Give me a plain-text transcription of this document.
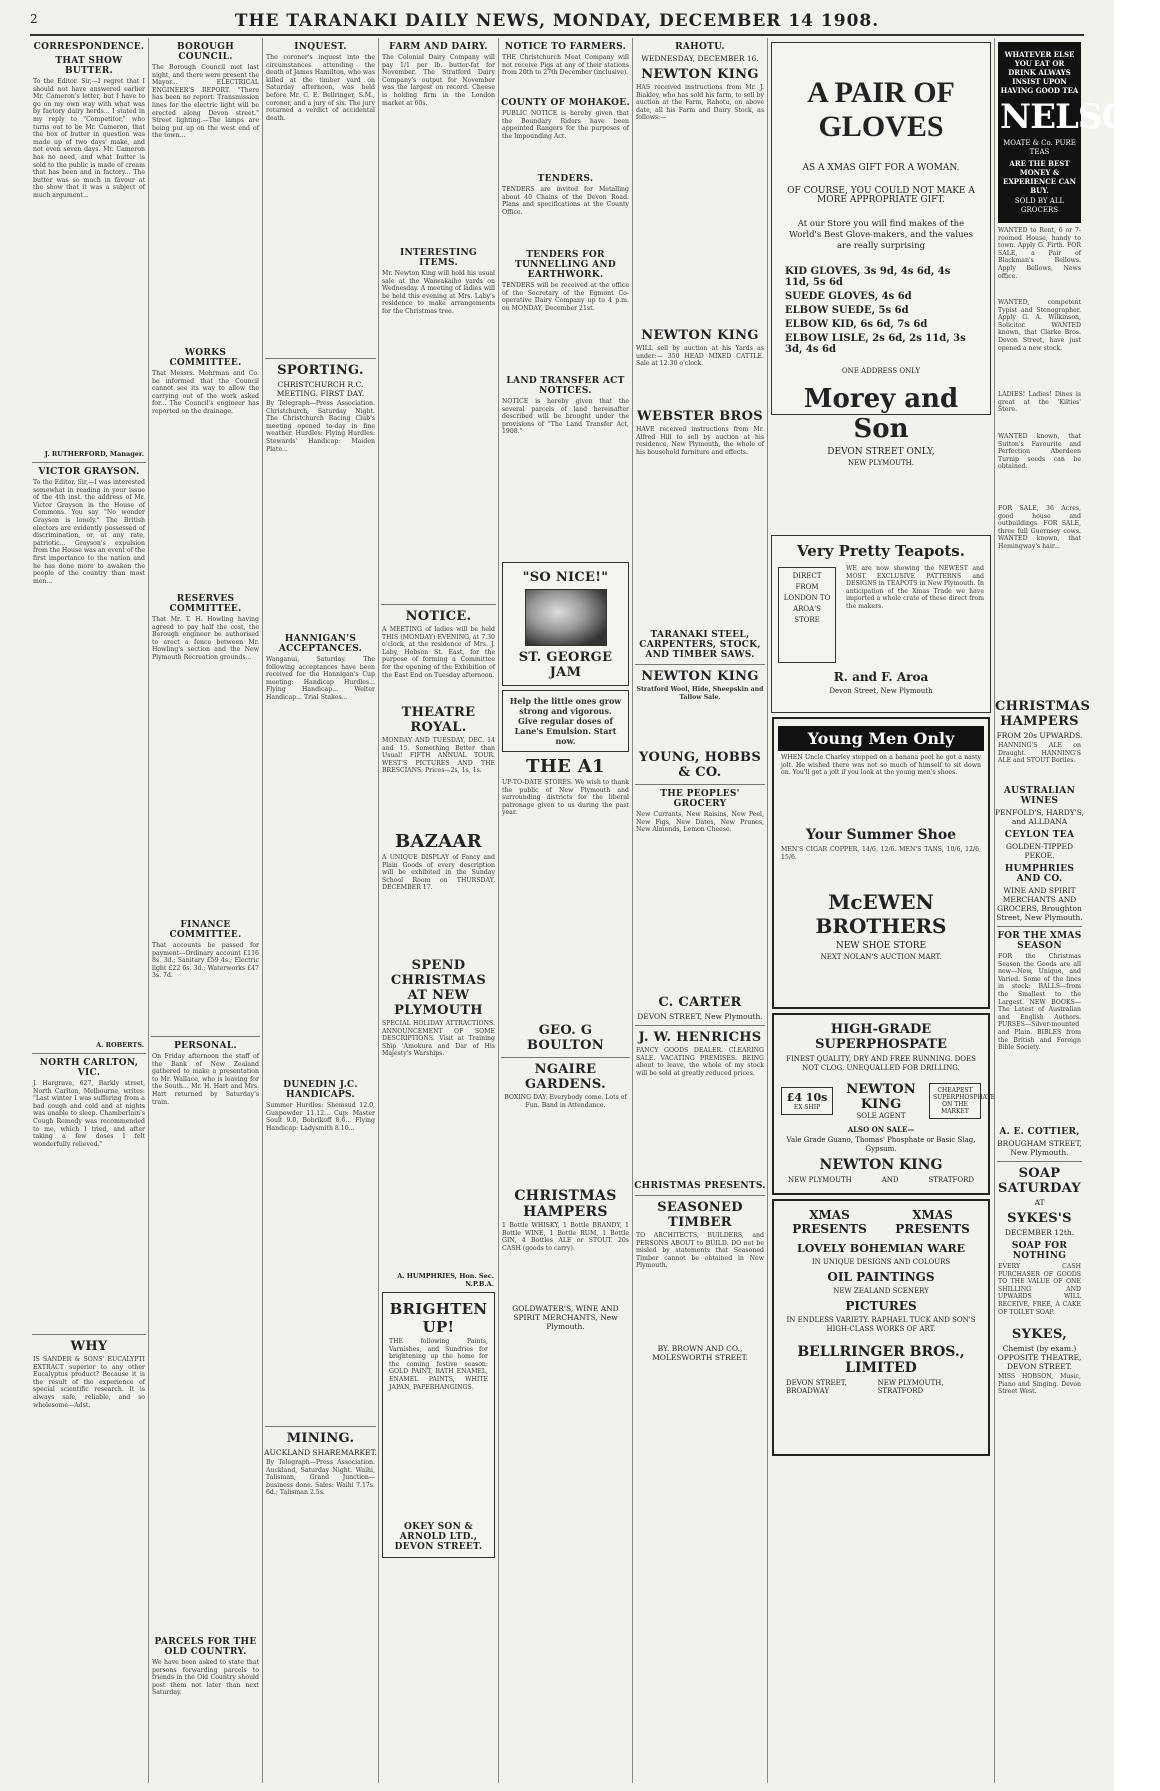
2	THE TARANAKI DAILY NEWS, MONDAY, DECEMBER 14 1908.
CORRESPONDENCE.
THAT SHOW BUTTER.
To the Editor. Sir,—I regret that I should not have answered earlier Mr. Cameron's letter, but I have to go on my own way with what was by factory dairy herds... I stated in my reply to "Competitor," who turns out to be Mr. Cameron, that the box of butter in question was made up of two days' make, and not even seven days. Mr. Cameron has no need, and what butter is sold to the public is made of cream that has been and in factory... The butter was so much in favour at the show that it was a subject of much argument...
J. RUTHERFORD, Manager.
VICTOR GRAYSON.
To the Editor. Sir,—I was interested somewhat in reading in your issue of the 4th inst. the address of Mr. Victor Grayson in the House of Commons. You say "No wonder Grayson is lonely." The British electors are evidently possessed of discrimination, or, at any rate, patriotic... Grayson's expulsion from the House was an event of the first importance to the nation and he has done more to awaken the people of the country than most men...
A. ROBERTS.
NORTH CARLTON, VIC.
J. Hargrave, 627, Barkly street, North Carlton, Melbourne, writes: "Last winter I was suffering from a bad cough and cold and at nights was unable to sleep. Chamberlain's Cough Remedy was recommended to me, which I tried, and after taking a few doses I felt wonderfully relieved."
WHY
IS SANDER & SONS' EUCALYPTI EXTRACT superior to any other Eucalyptus product? Because it is the result of the experience of special scientific research. It is always safe, reliable, and so wholesome—Adst.
BOROUGH COUNCIL.
The Borough Council met last night, and there were present the Mayor... ELECTRICAL ENGINEER'S REPORT. "There has been no report. Transmission lines for the electric light will be erected along Devon street." Street lighting.—The lamps are being put up on the west end of the town...
WORKS COMMITTEE.
That Messrs. Mohrman and Co. be informed that the Council cannot see its way to allow the carrying out of the work asked for... The Council's engineer has reported on the drainage.
RESERVES COMMITTEE.
That Mr. T. H. Howling having agreed to pay half the cost, the Borough engineer be authorised to erect a fence between Mr. Howling's section and the New Plymouth Recreation grounds...
FINANCE COMMITTEE.
That accounts be passed for payment—Ordinary account £116 8s. 3d.; Sanitary £59 4s.; Electric light £22 6s. 3d.; Waterworks £47 3s. 7d.
PERSONAL.
On Friday afternoon the staff of the Bank of New Zealand gathered to make a presentation to Mr. Wallace, who is leaving for the South... Mr. H. Hart and Mrs. Hart returned by Saturday's train.
PARCELS FOR THE OLD COUNTRY.
We have been asked to state that persons forwarding parcels to friends in the Old Country should post them not later than next Saturday.
INQUEST.
The coroner's inquest into the circumstances attending the death of James Hamilton, who was killed at the timber yard on Saturday afternoon, was held before Mr. C. E. Bellringer, S.M., coroner, and a jury of six. The jury returned a verdict of accidental death.
SPORTING.
CHRISTCHURCH R.C. MEETING. FIRST DAY.
By Telegraph—Press Association. Christchurch, Saturday Night. The Christchurch Racing Club's meeting opened to-day in fine weather. Hurdles: Flying Hurdles: Stewards' Handicap: Maiden Plate...
HANNIGAN'S ACCEPTANCES.
Wanganui, Saturday. The following acceptances have been received for the Hannigan's Cup meeting: Handicap Hurdles... Flying Handicap... Welter Handicap... Trial Stakes...
DUNEDIN J.C. HANDICAPS.
Summer Hurdles: Shemsud 12.0, Gunpowder 11.12... Cup: Master Soult 9.0, Bobrikoff 8.6... Flying Handicap: Ladysmith 8.10...
MINING.
AUCKLAND SHAREMARKET.
By Telegraph—Press Association. Auckland, Saturday Night. Waihi, Talisman, Grand Junction—business done. Sales: Waihi 7.17s. 6d.; Talisman 2.5s.
FARM AND DAIRY.
The Colonial Dairy Company will pay 1/1 per lb. butter-fat for November. The Stratford Dairy Company's output for November was the largest on record. Cheese is holding firm in the London market at 60s.
INTERESTING ITEMS.
Mr. Newton King will hold his usual sale at the Waiwakaiho yards on Wednesday. A meeting of ladies will be held this evening at Mrs. Laby's residence to make arrangements for the Christmas tree.
NOTICE.
A MEETING of ladies will be held THIS (MONDAY) EVENING, at 7.30 o'clock, at the residence of Mrs. J. Laby, Hobson St. East, for the purpose of forming a Committee for the opening of the Exhibition of the East End on Tuesday afternoon.
THEATRE ROYAL.
MONDAY AND TUESDAY, DEC. 14 and 15. Something Better than Usual! FIFTH ANNUAL TOUR. WEST'S PICTURES AND THE BRESCIANS. Prices—2s, 1s, 1s.
BAZAAR
A UNIQUE DISPLAY of Fancy and Plain Goods of every description will be exhibited in the Sunday School Room on THURSDAY, DECEMBER 17.
SPEND CHRISTMAS AT NEW PLYMOUTH
SPECIAL HOLIDAY ATTRACTIONS. ANNOUNCEMENT OF SOME DESCRIPTIONS. Visit at Training Ship 'Amokura and Dar of His Majesty's Warships.
A. HUMPHRIES, Hon. Sec. N.P.B.A.
BRIGHTEN UP!
THE following Paints, Varnishes, and Sundries for brightening up the home for the coming festive season: GOLD PAINT, BATH ENAMEL, ENAMEL PAINTS, WHITE JAPAN, PAPERHANGINGS.
OKEY SON & ARNOLD LTD., DEVON STREET.
NOTICE TO FARMERS.
THE Christchurch Meat Company will not receive Pigs at any of their stations from 20th to 27th December (inclusive).
COUNTY OF MOHAKOE.
PUBLIC NOTICE is hereby given that the Boundary Riders have been appointed Rangers for the purposes of the Impounding Act.
TENDERS.
TENDERS are invited for Metalling about 40 Chains of the Devon Road. Plans and specifications at the County Office.
TENDERS FOR TUNNELLING AND EARTHWORK.
TENDERS will be received at the office of the Secretary of the Egmont Co-operative Dairy Company up to 4 p.m. on MONDAY, December 21st.
LAND TRANSFER ACT NOTICES.
NOTICE is hereby given that the several parcels of land hereinafter described will be brought under the provisions of "The Land Transfer Act, 1908."
"SO NICE!"
ST. GEORGE JAM
Help the little ones grow strong and vigorous. Give regular doses of Lane's Emulsion. Start now.
THE A1
UP-TO-DATE STORES. We wish to thank the public of New Plymouth and surrounding districts for the liberal patronage given to us during the past year.
GEO. G BOULTON
NGAIRE GARDENS.
BOXING DAY. Everybody come. Lots of Fun. Band in Attendance.
CHRISTMAS HAMPERS
1 Bottle WHISKY, 1 Bottle BRANDY, 1 Bottle WINE, 1 Bottle RUM, 1 Bottle GIN, 4 Bottles ALE or STOUT. 20s CASH (goods to carry).
GOLDWATER'S, WINE AND SPIRIT MERCHANTS, New Plymouth.
RAHOTU.
WEDNESDAY, DECEMBER 16.
NEWTON KING
HAS received instructions from Mr. J. Biakley, who has sold his farm, to sell by auction at the Farm, Rahotu, on above date, all his Farm and Dairy Stock, as follows:—
NEWTON KING
WILL sell by auction at his Yards as under:— 350 HEAD MIXED CATTLE. Sale at 12.30 o'clock.
WEBSTER BROS
HAVE received instructions from Mr. Alfred Hill to sell by auction at his residence, New Plymouth, the whole of his household furniture and effects.
TARANAKI STEEL, CARPENTERS, STOCK, AND TIMBER SAWS.
NEWTON KING
Stratford Wool, Hide, Sheepskin and Tallow Sale.
YOUNG, HOBBS & CO.
THE PEOPLES' GROCERY
New Currants, New Raisins, New Peel, New Figs, New Dates, New Prunes, New Almonds, Lemon Cheese.
C. CARTER
DEVON STREET, New Plymouth.
J. W. HENRICHS
FANCY GOODS DEALER. CLEARING SALE. VACATING PREMISES. BEING about to leave, the whole of my stock will be sold at greatly reduced prices.
CHRISTMAS PRESENTS.
SEASONED TIMBER
TO ARCHITECTS, BUILDERS, and PERSONS ABOUT to BUILD. DO not be misled by statements that Seasoned Timber cannot be obtained in New Plymouth.
BY. BROWN AND CO., MOLESWORTH STREET.
A PAIR OF GLOVES
AS A XMAS GIFT FOR A WOMAN.
OF COURSE, YOU COULD NOT MAKE A MORE APPROPRIATE GIFT.
At our Store you will find makes of the World's Best Glove-makers, and the values are really surprising
KID GLOVES, 3s 9d, 4s 6d, 4s 11d, 5s 6d
SUEDE GLOVES, 4s 6d
ELBOW SUEDE, 5s 6d
ELBOW KID, 6s 6d, 7s 6d
ELBOW LISLE, 2s 6d, 2s 11d, 3s 3d, 4s 6d
ONE ADDRESS ONLY
Morey and Son
DEVON STREET ONLY,
NEW PLYMOUTH.
Very Pretty Teapots.
DIRECT FROM LONDON TO AROA'S STORE
WE are now showing the NEWEST and MOST EXCLUSIVE PATTERNS and DESIGNS in TEAPOTS in New Plymouth. In anticipation of the Xmas Trade we have imported a whole crate of these direct from the makers.
R. and F. Aroa
Devon Street, New Plymouth
Young Men Only
WHEN Uncle Charley stepped on a banana peel he got a nasty jolt. He wished there was not so much of himself to sit down on. You'll get a jolt if you look at the young men's shoes.
Your Summer Shoe
MEN'S CIGAR COPPER, 14/6, 12/6. MEN'S TANS, 10/6, 12/6, 15/6.
McEWEN BROTHERS
NEW SHOE STORE
NEXT NOLAN'S AUCTION MART.
HIGH-GRADE SUPERPHOSPATE
FINEST QUALITY, DRY AND FREE RUNNING. DOES NOT CLOG. UNEQUALLED FOR DRILLING.
£4 10s
EX SHIP
NEWTON KING
SOLE AGENT
CHEAPEST SUPERPHOSPHATE ON THE MARKET
ALSO ON SALE—
Vale Grade Guano, Thomas' Phosphate or Basic Slag, Gypsum.
NEWTON KING
NEW PLYMOUTH	AND	STRATFORD
XMAS PRESENTS
XMAS PRESENTS
LOVELY BOHEMIAN WARE
IN UNIQUE DESIGNS AND COLOURS
OIL PAINTINGS
NEW ZEALAND SCENERY
PICTURES
IN ENDLESS VARIETY. RAPHAEL TUCK AND SON'S HIGH-CLASS WORKS OF ART.
BELLRINGER BROS., LIMITED
DEVON STREET, BROADWAY
NEW PLYMOUTH, STRATFORD
WHATEVER ELSE YOU EAT OR DRINK ALWAYS INSIST UPON HAVING GOOD TEA
NELSON
MOATE & Co. PURE TEAS
ARE THE BEST MONEY & EXPERIENCE CAN BUY.
SOLD BY ALL GROCERS
WANTED to Rent, 6 or 7-roomed House, handy to town. Apply G. Firth. FOR SALE, a Pair of Blackman's Bellows. Apply Bellows, News office.
WANTED, competent Typist and Stenographer. Apply G. A. Wilkinson, Solicitor. WANTED known, that Clarke Bros. Devon Street, have just opened a new stock.
LADIES! Ladies! Dines is great at the 'Kilties' Store.
WANTED known, that Sutton's Favourite and Perfection Aberdeen Turnip seeds can be obtained.
FOR SALE, 36 Acres, good house and outbuildings. FOR SALE, three full Guernsey cows. WANTED known, that Hemingway's hair...
CHRISTMAS HAMPERS
FROM 20s UPWARDS.
HANNING'S ALE on Draught. HANNING'S ALE and STOUT Bottles.
AUSTRALIAN WINES
PENFOLD'S, HARDY'S, and ALLDANA
CEYLON TEA
GOLDEN-TIPPED PEKOE.
HUMPHRIES AND CO.
WINE AND SPIRIT MERCHANTS AND GROCERS, Broughton Street, New Plymouth.
FOR THE XMAS SEASON
FOR the Christmas Season the Goods are all new—New, Unique, and Varied. Some of the lines in stock: BALLS—from the Smallest to the Largest. NEW BOOKS—The Latest of Australian and English Authors. PURSES—Silver-mounted and Plain. BIBLES from the British and Foreign Bible Society.
A. E. COTTIER,
BROUGHAM STREET, New Plymouth.
SOAP SATURDAY
AT
SYKES'S
DECEMBER 12th.
SOAP FOR NOTHING
EVERY CASH PURCHASER OF GOODS TO THE VALUE OF ONE SHILLING AND UPWARDS WILL RECEIVE, FREE, A CAKE OF TOILET SOAP.
SYKES,
Chemist (by exam.) OPPOSITE THEATRE, DEVON STREET.
MISS HOBSON, Music, Piano and Singing. Devon Street West.
